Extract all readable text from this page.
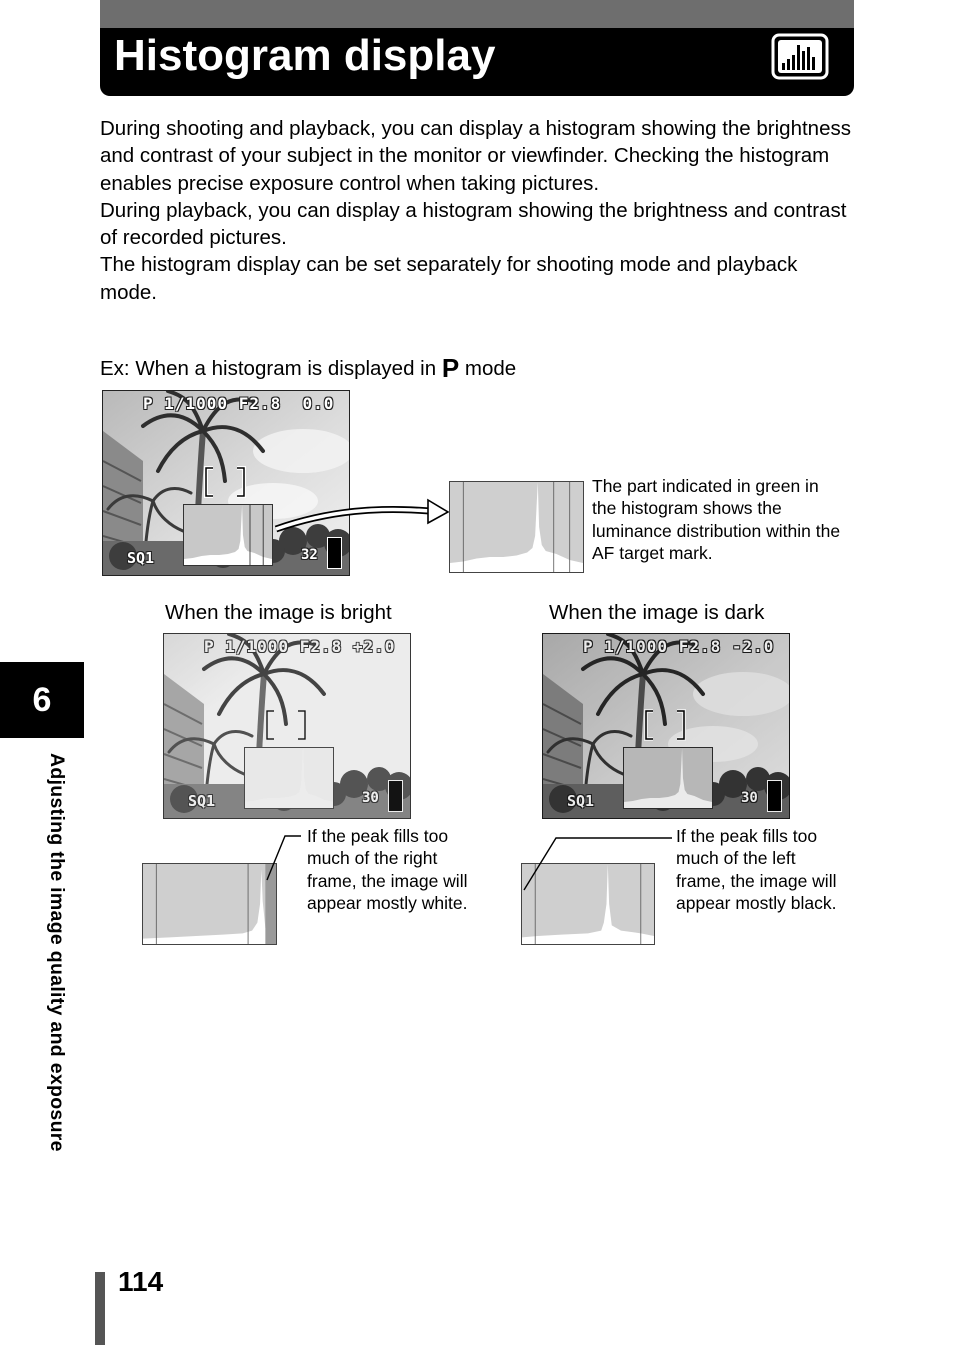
Histogram display

During shooting and playback, you can display a histogram showing the brightness and contrast of your subject in the monitor or viewfinder. Checking the histogram enables precise exposure control when taking pictures.

During playback, you can display a histogram showing the brightness and contrast of recorded pictures.

The histogram display can be set separately for shooting mode and playback mode.

Ex: When a histogram is displayed in P mode
P 1/1000 F2.8  0.0
SQ1	32
The part indicated in green in the histogram shows the luminance distribution within the AF target mark.
When the image is bright	When the image is dark
P 1/1000 F2.8 +2.0
SQ1	30
P 1/1000 F2.8 -2.0
SQ1	30
If the peak fills too much of the right frame, the image will appear mostly white.
If the peak fills too much of the left frame, the image will appear mostly black.
6
Adjusting the image quality and exposure
114
